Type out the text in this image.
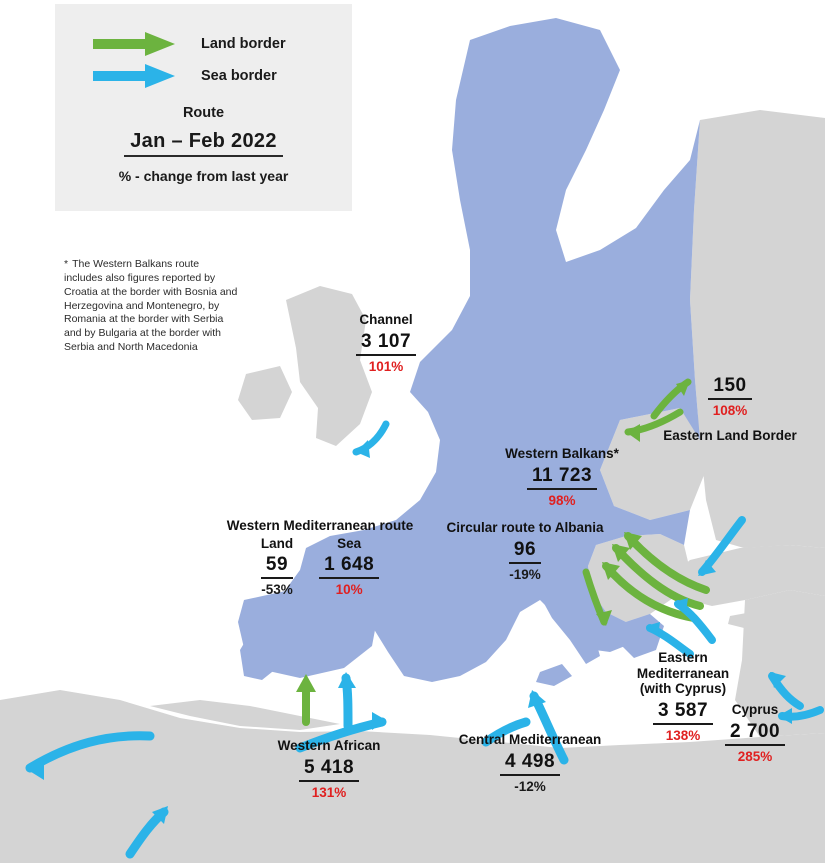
Land border
Sea border
Route
Jan – Feb 2022
% - change from last year
* The Western Balkans route includes also figures reported by Croatia at the border with Bosnia and Herzegovina and Montenegro, by Romania at the border with Serbia and by Bulgaria at the border with Serbia and North Macedonia
Channel
3 107
101%
150
108%
Eastern Land Border
Western Balkans*
11 723
98%
Circular route to Albania
96
-19%
Western Mediterranean route
Land
59
-53%
Sea
1 648
10%
Western African
5 418
131%
Central Mediterranean
4 498
-12%
Eastern
Mediterranean
(with Cyprus)
3 587
138%
Cyprus
2 700
285%
